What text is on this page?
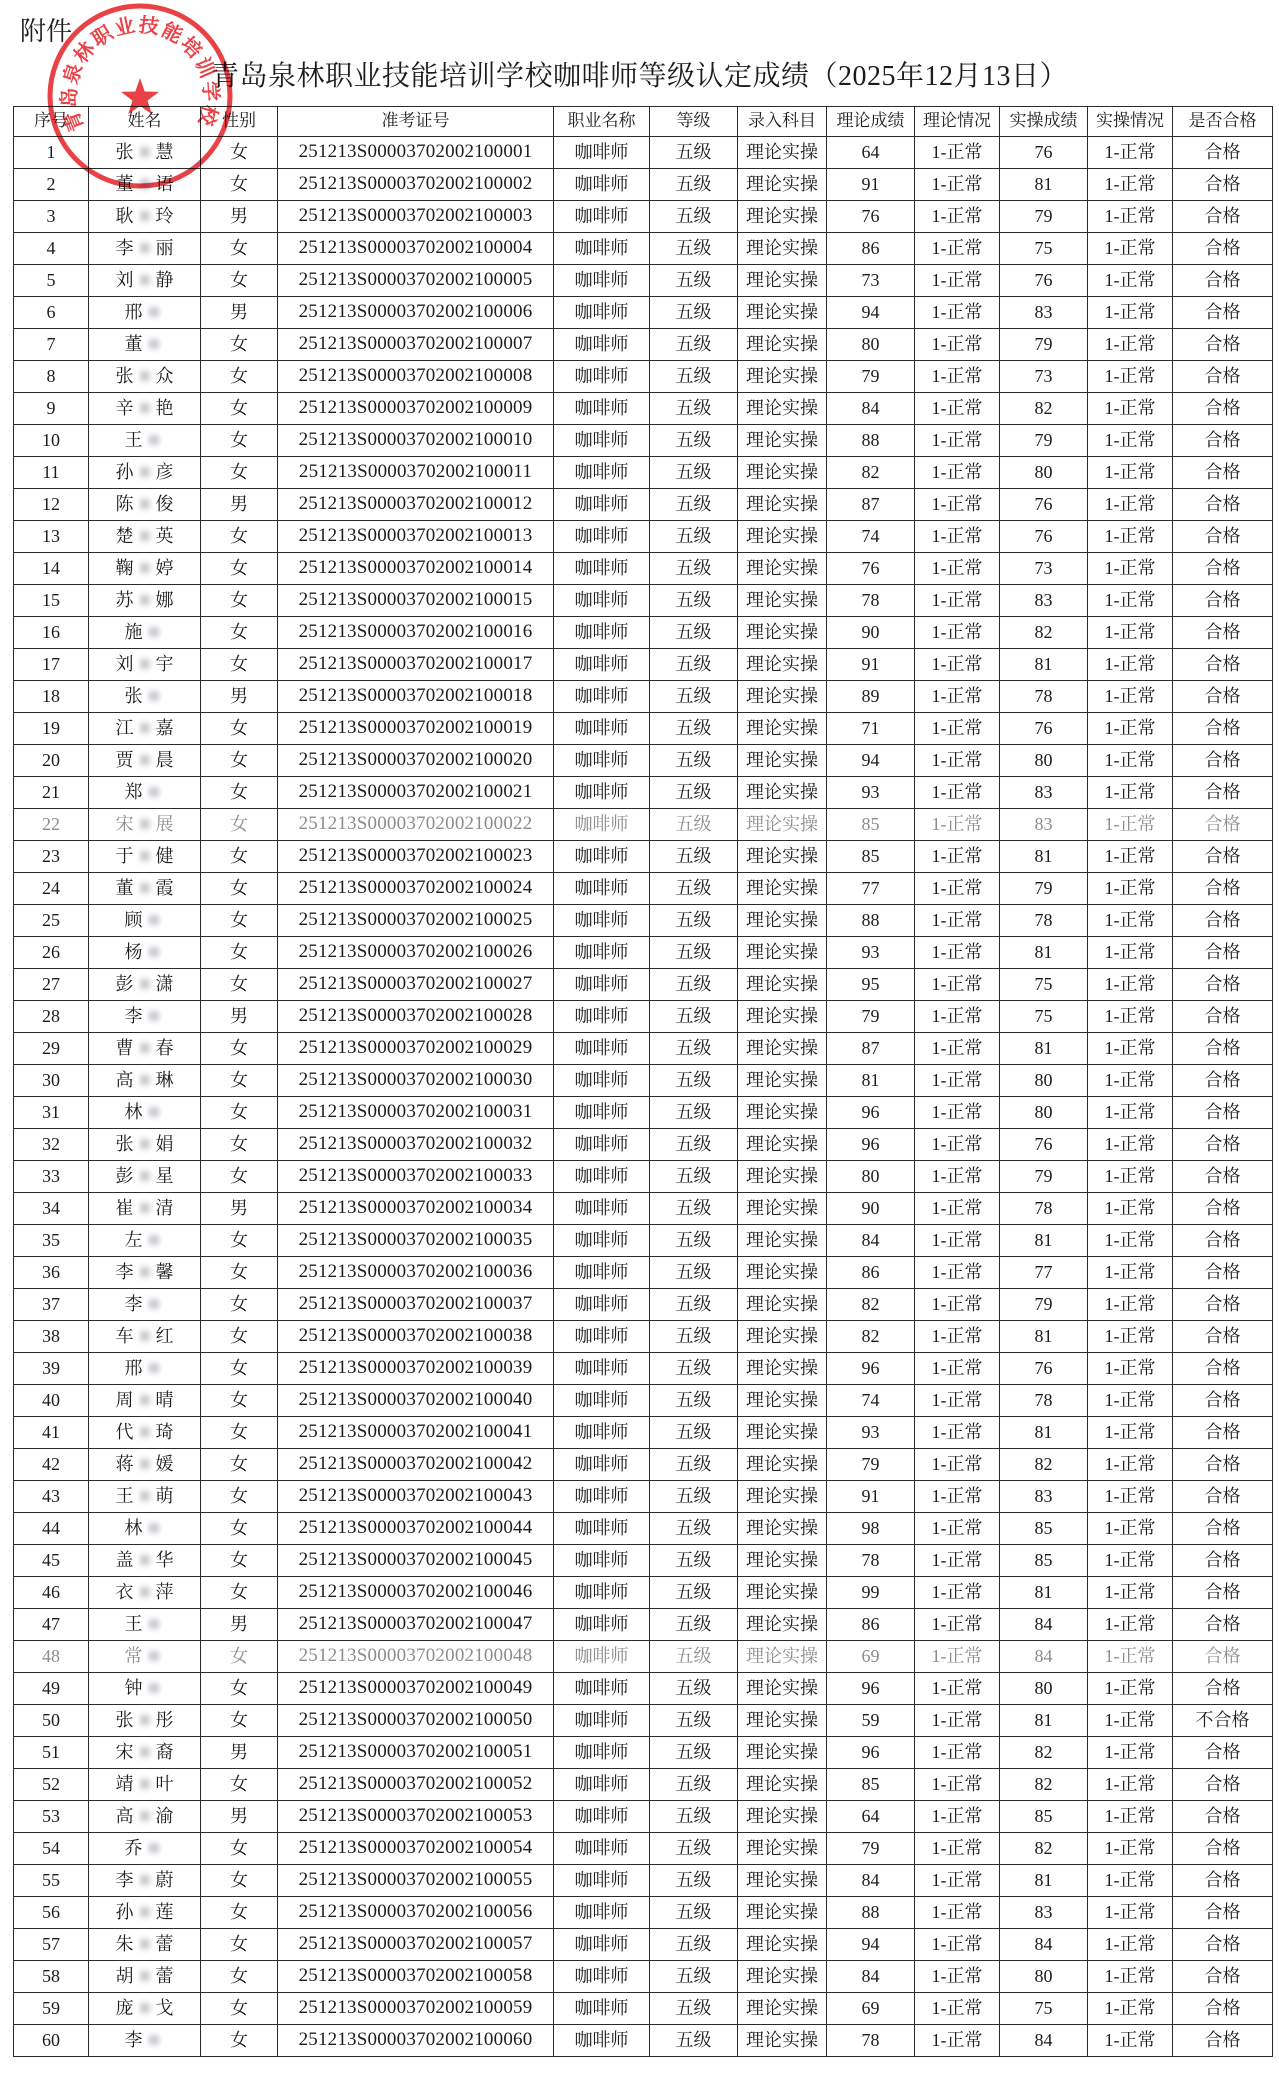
附件
青岛泉林职业技能培训学校咖啡师等级认定成绩（2025年12月13日）
序号	姓名	性别	准考证号	职业名称	等级	录入科目	理论成绩	理论情况	实操成绩	实操情况	是否合格
1	张 慧	女	251213S00003702002100001	咖啡师	五级	理论实操	64	1-正常	76	1-正常	合格
2	董 语	女	251213S00003702002100002	咖啡师	五级	理论实操	91	1-正常	81	1-正常	合格
3	耿 玲	男	251213S00003702002100003	咖啡师	五级	理论实操	76	1-正常	79	1-正常	合格
4	李 丽	女	251213S00003702002100004	咖啡师	五级	理论实操	86	1-正常	75	1-正常	合格
5	刘 静	女	251213S00003702002100005	咖啡师	五级	理论实操	73	1-正常	76	1-正常	合格
6	邢	男	251213S00003702002100006	咖啡师	五级	理论实操	94	1-正常	83	1-正常	合格
7	董	女	251213S00003702002100007	咖啡师	五级	理论实操	80	1-正常	79	1-正常	合格
8	张 众	女	251213S00003702002100008	咖啡师	五级	理论实操	79	1-正常	73	1-正常	合格
9	辛 艳	女	251213S00003702002100009	咖啡师	五级	理论实操	84	1-正常	82	1-正常	合格
10	王	女	251213S00003702002100010	咖啡师	五级	理论实操	88	1-正常	79	1-正常	合格
11	孙 彦	女	251213S00003702002100011	咖啡师	五级	理论实操	82	1-正常	80	1-正常	合格
12	陈 俊	男	251213S00003702002100012	咖啡师	五级	理论实操	87	1-正常	76	1-正常	合格
13	楚 英	女	251213S00003702002100013	咖啡师	五级	理论实操	74	1-正常	76	1-正常	合格
14	鞠 婷	女	251213S00003702002100014	咖啡师	五级	理论实操	76	1-正常	73	1-正常	合格
15	苏 娜	女	251213S00003702002100015	咖啡师	五级	理论实操	78	1-正常	83	1-正常	合格
16	施	女	251213S00003702002100016	咖啡师	五级	理论实操	90	1-正常	82	1-正常	合格
17	刘 宇	女	251213S00003702002100017	咖啡师	五级	理论实操	91	1-正常	81	1-正常	合格
18	张	男	251213S00003702002100018	咖啡师	五级	理论实操	89	1-正常	78	1-正常	合格
19	江 嘉	女	251213S00003702002100019	咖啡师	五级	理论实操	71	1-正常	76	1-正常	合格
20	贾 晨	女	251213S00003702002100020	咖啡师	五级	理论实操	94	1-正常	80	1-正常	合格
21	郑	女	251213S00003702002100021	咖啡师	五级	理论实操	93	1-正常	83	1-正常	合格
22	宋 展	女	251213S00003702002100022	咖啡师	五级	理论实操	85	1-正常	83	1-正常	合格
23	于 健	女	251213S00003702002100023	咖啡师	五级	理论实操	85	1-正常	81	1-正常	合格
24	董 霞	女	251213S00003702002100024	咖啡师	五级	理论实操	77	1-正常	79	1-正常	合格
25	顾	女	251213S00003702002100025	咖啡师	五级	理论实操	88	1-正常	78	1-正常	合格
26	杨	女	251213S00003702002100026	咖啡师	五级	理论实操	93	1-正常	81	1-正常	合格
27	彭 潇	女	251213S00003702002100027	咖啡师	五级	理论实操	95	1-正常	75	1-正常	合格
28	李	男	251213S00003702002100028	咖啡师	五级	理论实操	79	1-正常	75	1-正常	合格
29	曹 春	女	251213S00003702002100029	咖啡师	五级	理论实操	87	1-正常	81	1-正常	合格
30	高 琳	女	251213S00003702002100030	咖啡师	五级	理论实操	81	1-正常	80	1-正常	合格
31	林	女	251213S00003702002100031	咖啡师	五级	理论实操	96	1-正常	80	1-正常	合格
32	张 娟	女	251213S00003702002100032	咖啡师	五级	理论实操	96	1-正常	76	1-正常	合格
33	彭 星	女	251213S00003702002100033	咖啡师	五级	理论实操	80	1-正常	79	1-正常	合格
34	崔 清	男	251213S00003702002100034	咖啡师	五级	理论实操	90	1-正常	78	1-正常	合格
35	左	女	251213S00003702002100035	咖啡师	五级	理论实操	84	1-正常	81	1-正常	合格
36	李 馨	女	251213S00003702002100036	咖啡师	五级	理论实操	86	1-正常	77	1-正常	合格
37	李	女	251213S00003702002100037	咖啡师	五级	理论实操	82	1-正常	79	1-正常	合格
38	车 红	女	251213S00003702002100038	咖啡师	五级	理论实操	82	1-正常	81	1-正常	合格
39	邢	女	251213S00003702002100039	咖啡师	五级	理论实操	96	1-正常	76	1-正常	合格
40	周 晴	女	251213S00003702002100040	咖啡师	五级	理论实操	74	1-正常	78	1-正常	合格
41	代 琦	女	251213S00003702002100041	咖啡师	五级	理论实操	93	1-正常	81	1-正常	合格
42	蒋 媛	女	251213S00003702002100042	咖啡师	五级	理论实操	79	1-正常	82	1-正常	合格
43	王 萌	女	251213S00003702002100043	咖啡师	五级	理论实操	91	1-正常	83	1-正常	合格
44	林	女	251213S00003702002100044	咖啡师	五级	理论实操	98	1-正常	85	1-正常	合格
45	盖 华	女	251213S00003702002100045	咖啡师	五级	理论实操	78	1-正常	85	1-正常	合格
46	衣 萍	女	251213S00003702002100046	咖啡师	五级	理论实操	99	1-正常	81	1-正常	合格
47	王	男	251213S00003702002100047	咖啡师	五级	理论实操	86	1-正常	84	1-正常	合格
48	常	女	251213S00003702002100048	咖啡师	五级	理论实操	69	1-正常	84	1-正常	合格
49	钟	女	251213S00003702002100049	咖啡师	五级	理论实操	96	1-正常	80	1-正常	合格
50	张 彤	女	251213S00003702002100050	咖啡师	五级	理论实操	59	1-正常	81	1-正常	不合格
51	宋 裔	男	251213S00003702002100051	咖啡师	五级	理论实操	96	1-正常	82	1-正常	合格
52	靖 叶	女	251213S00003702002100052	咖啡师	五级	理论实操	85	1-正常	82	1-正常	合格
53	高 渝	男	251213S00003702002100053	咖啡师	五级	理论实操	64	1-正常	85	1-正常	合格
54	乔	女	251213S00003702002100054	咖啡师	五级	理论实操	79	1-正常	82	1-正常	合格
55	李 蔚	女	251213S00003702002100055	咖啡师	五级	理论实操	84	1-正常	81	1-正常	合格
56	孙 莲	女	251213S00003702002100056	咖啡师	五级	理论实操	88	1-正常	83	1-正常	合格
57	朱 蕾	女	251213S00003702002100057	咖啡师	五级	理论实操	94	1-正常	84	1-正常	合格
58	胡 蕾	女	251213S00003702002100058	咖啡师	五级	理论实操	84	1-正常	80	1-正常	合格
59	庞 戈	女	251213S00003702002100059	咖啡师	五级	理论实操	69	1-正常	75	1-正常	合格
60	李	女	251213S00003702002100060	咖啡师	五级	理论实操	78	1-正常	84	1-正常	合格
青岛泉林职业技能培训学校
